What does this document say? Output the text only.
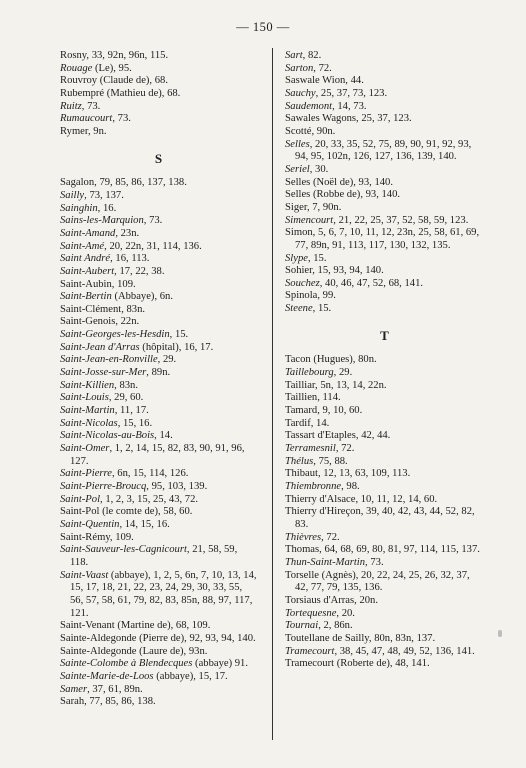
— 150 —
Rosny, 33, 92n, 96n, 115.
Rouage (Le), 95.
Rouvroy (Claude de), 68.
Rubempré (Mathieu de), 68.
Ruitz, 73.
Rumaucourt, 73.
Rymer, 9n.
S
Sagalon, 79, 85, 86, 137, 138.
Sailly, 73, 137.
Sainghin, 16.
Sains-les-Marquion, 73.
Saint-Amand, 23n.
Saint-Amé, 20, 22n, 31, 114, 136.
Saint André, 16, 113.
Saint-Aubert, 17, 22, 38.
Saint-Aubin, 109.
Saint-Bertin (Abbaye), 6n.
Saint-Clément, 83n.
Saint-Genois, 22n.
Saint-Georges-les-Hesdin, 15.
Saint-Jean d'Arras (hôpital), 16, 17.
Saint-Jean-en-Ronville, 29.
Saint-Josse-sur-Mer, 89n.
Saint-Killien, 83n.
Saint-Louis, 29, 60.
Saint-Martin, 11, 17.
Saint-Nicolas, 15, 16.
Saint-Nicolas-au-Bois, 14.
Saint-Omer, 1, 2, 14, 15, 82, 83, 90, 91, 96, 127.
Saint-Pierre, 6n, 15, 114, 126.
Saint-Pierre-Broucq, 95, 103, 139.
Saint-Pol, 1, 2, 3, 15, 25, 43, 72.
Saint-Pol (le comte de), 58, 60.
Saint-Quentin, 14, 15, 16.
Saint-Rémy, 109.
Saint-Sauveur-les-Cagnicourt, 21, 58, 59, 118.
Saint-Vaast (abbaye), 1, 2, 5, 6n, 7, 10, 13, 14, 15, 17, 18, 21, 22, 23, 24, 29, 30, 33, 55, 56, 57, 58, 61, 79, 82, 83, 85n, 88, 97, 117, 121.
Saint-Venant (Martine de), 68, 109.
Sainte-Aldegonde (Pierre de), 92, 93, 94, 140.
Sainte-Aldegonde (Laure de), 93n.
Sainte-Colombe à Blendecques (abbaye) 91.
Sainte-Marie-de-Loos (abbaye), 15, 17.
Samer, 37, 61, 89n.
Sarah, 77, 85, 86, 138.
Sart, 82.
Sarton, 72.
Saswale Wion, 44.
Sauchy, 25, 37, 73, 123.
Saudemont, 14, 73.
Sawales Wagons, 25, 37, 123.
Scotté, 90n.
Selles, 20, 33, 35, 52, 75, 89, 90, 91, 92, 93, 94, 95, 102n, 126, 127, 136, 139, 140.
Seriel, 30.
Selles (Noël de), 93, 140.
Selles (Robbe de), 93, 140.
Siger, 7, 90n.
Simencourt, 21, 22, 25, 37, 52, 58, 59, 123.
Simon, 5, 6, 7, 10, 11, 12, 23n, 25, 58, 61, 69, 77, 89n, 91, 113, 117, 130, 132, 135.
Slype, 15.
Sohier, 15, 93, 94, 140.
Souchez, 40, 46, 47, 52, 68, 141.
Spinola, 99.
Steene, 15.
T
Tacon (Hugues), 80n.
Taillebourg, 29.
Tailliar, 5n, 13, 14, 22n.
Taillien, 114.
Tamard, 9, 10, 60.
Tardif, 14.
Tassart d'Etaples, 42, 44.
Terramesnil, 72.
Thélus, 75, 88.
Thibaut, 12, 13, 63, 109, 113.
Thiembronne, 98.
Thierry d'Alsace, 10, 11, 12, 14, 60.
Thierry d'Hireçon, 39, 40, 42, 43, 44, 52, 82, 83.
Thièvres, 72.
Thomas, 64, 68, 69, 80, 81, 97, 114, 115, 137.
Thun-Saint-Martin, 73.
Torselle (Agnès), 20, 22, 24, 25, 26, 32, 37, 42, 77, 79, 135, 136.
Torsiaus d'Arras, 20n.
Tortequesne, 20.
Tournai, 2, 86n.
Toutellane de Sailly, 80n, 83n, 137.
Tramecourt, 38, 45, 47, 48, 49, 52, 136, 141.
Tramecourt (Roberte de), 48, 141.
